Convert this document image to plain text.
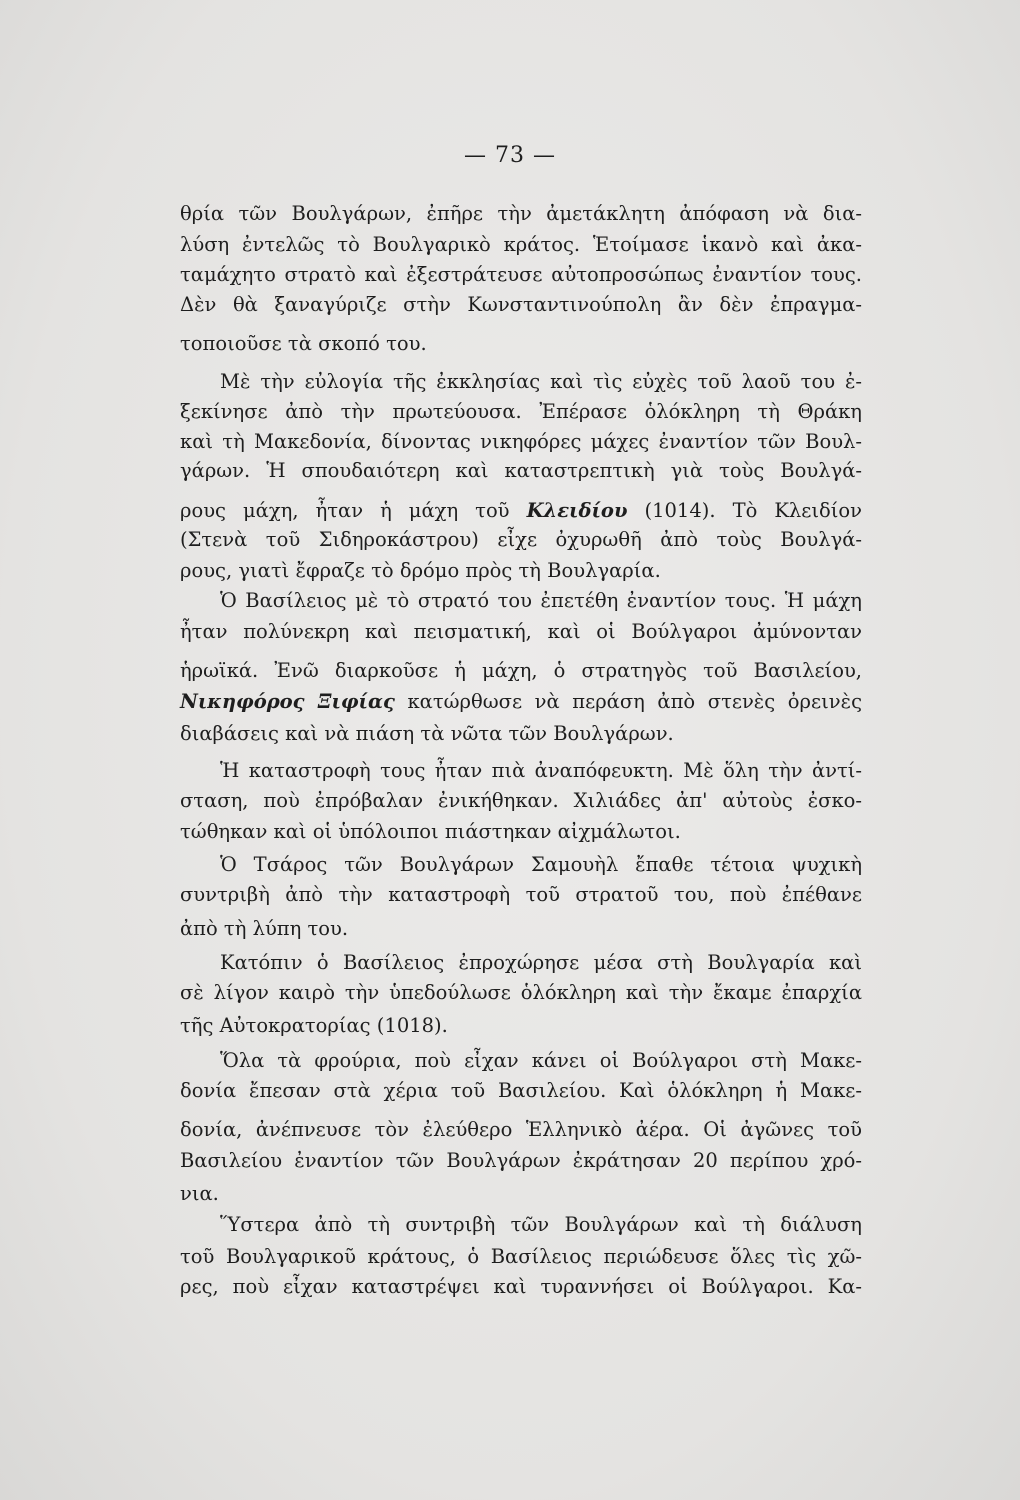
— 73 —
θρία τῶν Βουλγάρων, ἐπῆρε τὴν ἀμετάκλητη ἀπόφαση νὰ δια-
λύση ἐντελῶς τὸ Βουλγαρικὸ κράτος. Ἑτοίμασε ἱκανὸ καὶ ἀκα-
ταμάχητο στρατὸ καὶ ἐξεστράτευσε αὐτοπροσώπως ἐναντίον τους.
Δὲν θὰ ξαναγύριζε στὴν Κωνσταντινούπολη ἂν δὲν ἐπραγμα-
τοποιοῦσε τὰ σκοπό του.
Μὲ τὴν εὐλογία τῆς ἐκκλησίας καὶ τὶς εὐχὲς τοῦ λαοῦ του ἐ-
ξεκίνησε ἀπὸ τὴν πρωτεύουσα. Ἐπέρασε ὁλόκληρη τὴ Θράκη
καὶ τὴ Μακεδονία, δίνοντας νικηφόρες μάχες ἐναντίον τῶν Βουλ-
γάρων. Ἡ σπουδαιότερη καὶ καταστρεπτικὴ γιὰ τοὺς Βουλγά-
ρους μάχη, ἦταν ἡ μάχη τοῦ Κλειδίου (1014). Τὸ Κλειδίον
(Στενὰ τοῦ Σιδηροκάστρου) εἶχε ὀχυρωθῆ ἀπὸ τοὺς Βουλγά-
ρους, γιατὶ ἔφραζε τὸ δρόμο πρὸς τὴ Βουλγαρία.
Ὁ Βασίλειος μὲ τὸ στρατό του ἐπετέθη ἐναντίον τους. Ἡ μάχη
ἦταν πολύνεκρη καὶ πεισματική, καὶ οἱ Βούλγαροι ἀμύνονταν
ἡρωϊκά. Ἐνῶ διαρκοῦσε ἡ μάχη, ὁ στρατηγὸς τοῦ Βασιλείου,
Νικηφόρος Ξιφίας κατώρθωσε νὰ περάση ἀπὸ στενὲς ὀρεινὲς
διαβάσεις καὶ νὰ πιάση τὰ νῶτα τῶν Βουλγάρων.
Ἡ καταστροφὴ τους ἦταν πιὰ ἀναπόφευκτη. Μὲ ὅλη τὴν ἀντί-
σταση, ποὺ ἐπρόβαλαν ἐνικήθηκαν. Χιλιάδες ἀπ' αὐτοὺς ἐσκο-
τώθηκαν καὶ οἱ ὑπόλοιποι πιάστηκαν αἰχμάλωτοι.
Ὁ Τσάρος τῶν Βουλγάρων Σαμουὴλ ἔπαθε τέτοια ψυχικὴ
συντριβὴ ἀπὸ τὴν καταστροφὴ τοῦ στρατοῦ του, ποὺ ἐπέθανε
ἀπὸ τὴ λύπη του.
Κατόπιν ὁ Βασίλειος ἐπροχώρησε μέσα στὴ Βουλγαρία καὶ
σὲ λίγον καιρὸ τὴν ὑπεδούλωσε ὁλόκληρη καὶ τὴν ἔκαμε ἐπαρχία
τῆς Αὐτοκρατορίας (1018).
Ὅλα τὰ φρούρια, ποὺ εἶχαν κάνει οἱ Βούλγαροι στὴ Μακε-
δονία ἔπεσαν στὰ χέρια τοῦ Βασιλείου. Καὶ ὁλόκληρη ἡ Μακε-
δονία, ἀνέπνευσε τὸν ἐλεύθερο Ἑλληνικὸ ἀέρα. Οἱ ἀγῶνες τοῦ
Βασιλείου ἐναντίον τῶν Βουλγάρων ἐκράτησαν 20 περίπου χρό-
νια.
Ὕστερα ἀπὸ τὴ συντριβὴ τῶν Βουλγάρων καὶ τὴ διάλυση
τοῦ Βουλγαρικοῦ κράτους, ὁ Βασίλειος περιώδευσε ὅλες τὶς χῶ-
ρες, ποὺ εἶχαν καταστρέψει καὶ τυραννήσει οἱ Βούλγαροι. Κα-
